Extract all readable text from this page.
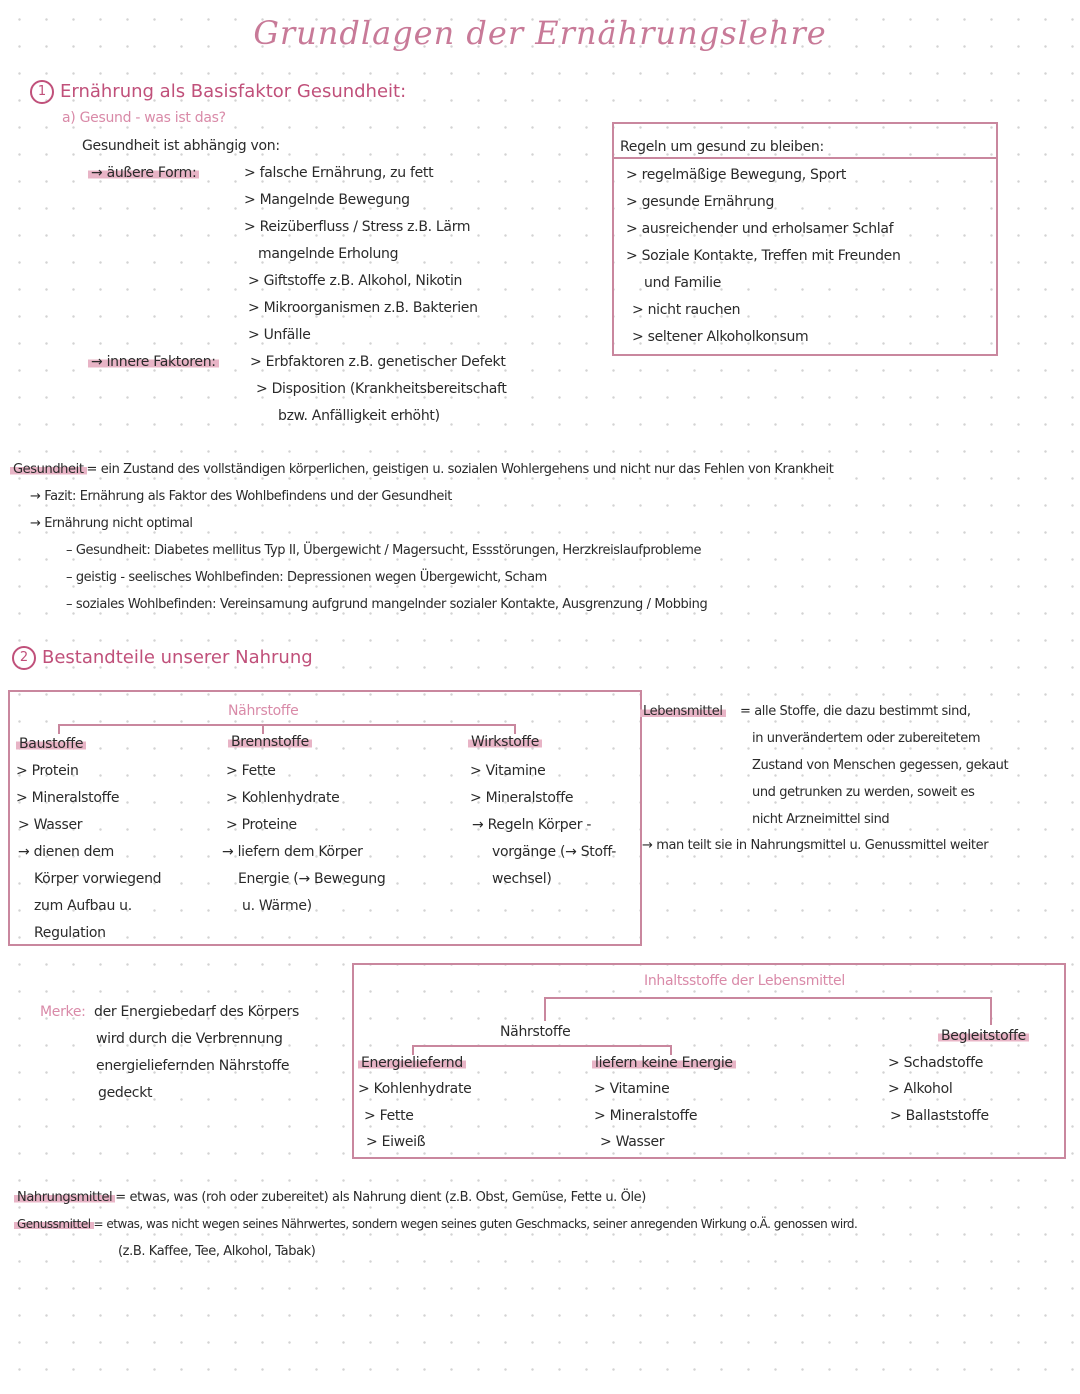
Grundlagen der Ernährungslehre
1 Ernährung als Basisfaktor Gesundheit:
a) Gesund - was ist das?
Gesundheit ist abhängig von:
→ äußere Form:	> falsche Ernährung, zu fett
> Mangelnde Bewegung
> Reizüberfluss / Stress z.B. Lärm
mangelnde Erholung
> Giftstoffe z.B. Alkohol, Nikotin
> Mikroorganismen z.B. Bakterien
> Unfälle
→ innere Faktoren: > Erbfaktoren z.B. genetischer Defekt
> Disposition (Krankheitsbereitschaft
bzw. Anfälligkeit erhöht)
Regeln um gesund zu bleiben:
> regelmäßige Bewegung, Sport
> gesunde Ernährung
> ausreichender und erholsamer Schlaf
> Soziale Kontakte, Treffen mit Freunden
und Familie
> nicht rauchen
> seltener Alkoholkonsum
Gesundheit = ein Zustand des vollständigen körperlichen, geistigen u. sozialen Wohlergehens und nicht nur das Fehlen von Krankheit
→ Fazit: Ernährung als Faktor des Wohlbefindens und der Gesundheit
→ Ernährung nicht optimal
– Gesundheit: Diabetes mellitus Typ II, Übergewicht / Magersucht, Essstörungen, Herzkreislaufprobleme
– geistig - seelisches Wohlbefinden: Depressionen wegen Übergewicht, Scham
– soziales Wohlbefinden: Vereinsamung aufgrund mangelnder sozialer Kontakte, Ausgrenzung / Mobbing
2 Bestandteile unserer Nahrung
Nährstoffe
Baustoffe
> Protein
> Mineralstoffe
> Wasser
→ dienen dem
Körper vorwiegend
zum Aufbau u.
Regulation
Brennstoffe
> Fette
> Kohlenhydrate
> Proteine
→ liefern dem Körper
Energie (→ Bewegung
u. Wärme)
Wirkstoffe
> Vitamine
> Mineralstoffe
→ Regeln Körper -
vorgänge (→ Stoff-
wechsel)
Lebensmittel = alle Stoffe, die dazu bestimmt sind,
in unverändertem oder zubereitetem
Zustand von Menschen gegessen, gekaut
und getrunken zu werden, soweit es
nicht Arzneimittel sind
→ man teilt sie in Nahrungsmittel u. Genussmittel weiter
Merke: der Energiebedarf des Körpers
wird durch die Verbrennung
energieliefernden Nährstoffe
gedeckt
Inhaltsstoffe der Lebensmittel
Nährstoffe	Begleitstoffe
Energieliefernd
> Kohlenhydrate
> Fette
> Eiweiß
liefern keine Energie
> Vitamine
> Mineralstoffe
> Wasser
> Schadstoffe
> Alkohol
> Ballaststoffe
Nahrungsmittel = etwas, was (roh oder zubereitet) als Nahrung dient (z.B. Obst, Gemüse, Fette u. Öle)
Genussmittel = etwas, was nicht wegen seines Nährwertes, sondern wegen seines guten Geschmacks, seiner anregenden Wirkung o.Ä. genossen wird.
(z.B. Kaffee, Tee, Alkohol, Tabak)
